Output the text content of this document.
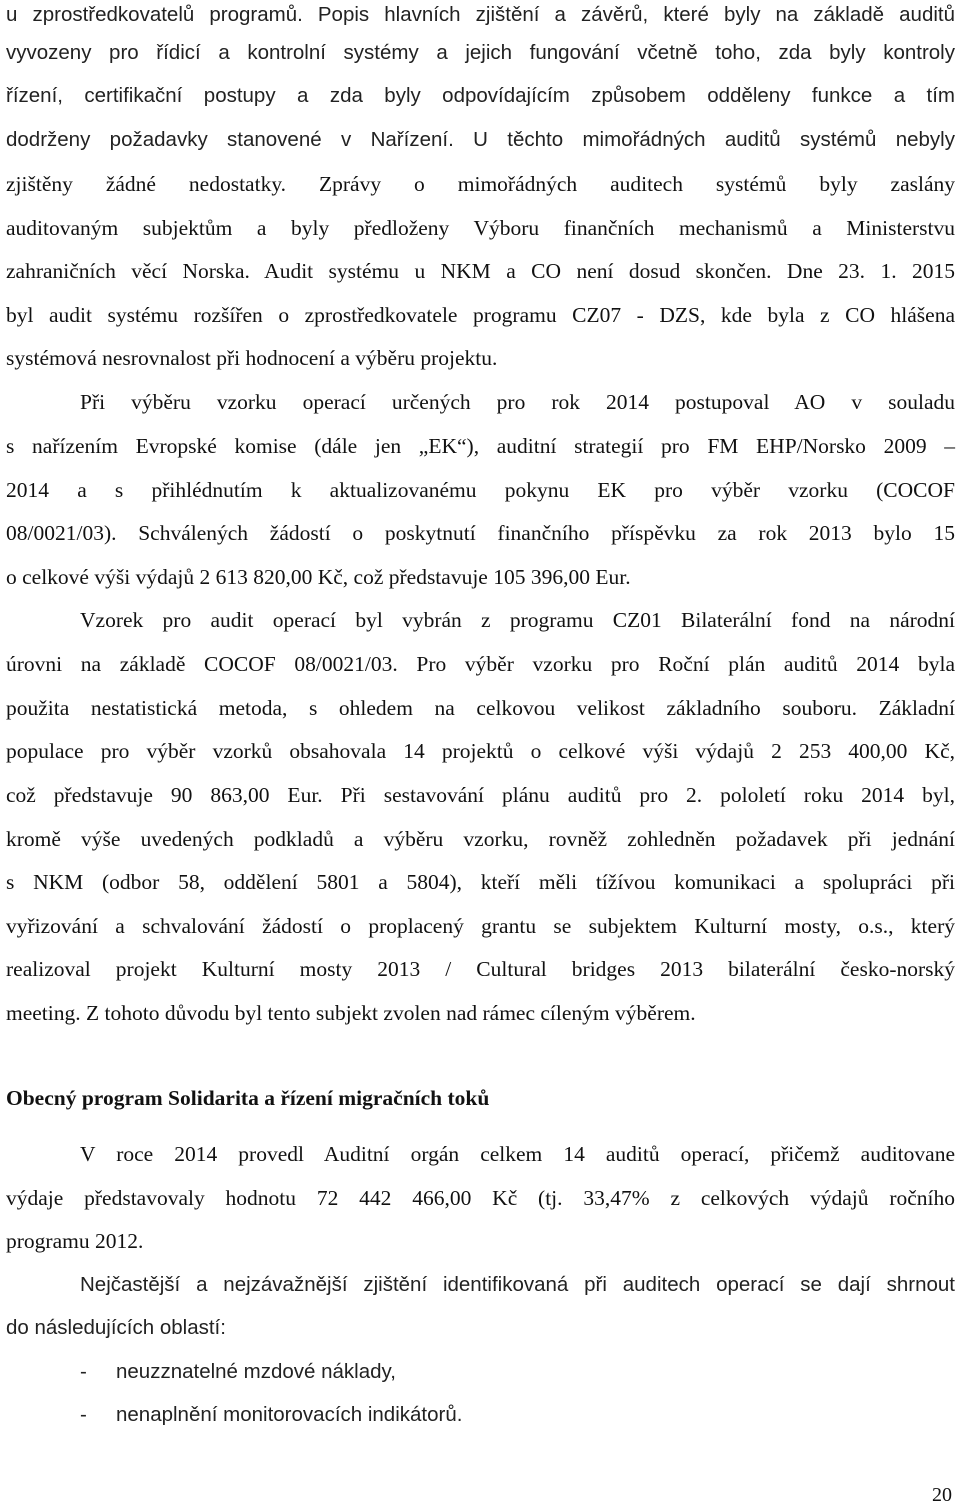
u zprostředkovatelů programů. Popis hlavních zjištění a závěrů, které byly na základě auditů
vyvozeny pro řídicí a kontrolní systémy a jejich fungování včetně toho, zda byly kontroly
řízení, certifikační postupy a zda byly odpovídajícím způsobem odděleny funkce a tím
dodrženy požadavky stanovené v Nařízení. U těchto mimořádných auditů systémů nebyly
zjištěny žádné nedostatky. Zprávy o mimořádných auditech systémů byly zaslány
auditovaným subjektům a byly předloženy Výboru finančních mechanismů a Ministerstvu
zahraničních věcí Norska. Audit systému u NKM a CO není dosud skončen. Dne 23. 1. 2015
byl audit systému rozšířen o zprostředkovatele programu CZ07 - DZS, kde byla z CO hlášena
systémová nesrovnalost při hodnocení a výběru projektu.
Při výběru vzorku operací určených pro rok 2014 postupoval AO v souladu
s nařízením Evropské komise (dále jen „EK“), auditní strategií pro FM EHP/Norsko 2009 –
2014 a s přihlédnutím k aktualizovanému pokynu EK pro výběr vzorku (COCOF
08/0021/03). Schválených žádostí o poskytnutí finančního příspěvku za rok 2013 bylo 15
o celkové výši výdajů 2 613 820,00 Kč, což představuje 105 396,00 Eur.
Vzorek pro audit operací byl vybrán z programu CZ01 Bilaterální fond na národní
úrovni na základě COCOF 08/0021/03. Pro výběr vzorku pro Roční plán auditů 2014 byla
použita nestatistická metoda, s ohledem na celkovou velikost základního souboru. Základní
populace pro výběr vzorků obsahovala 14 projektů o celkové výši výdajů 2 253 400,00 Kč,
což představuje 90 863,00 Eur. Při sestavování plánu auditů pro 2. pololetí roku 2014 byl,
kromě výše uvedených podkladů a výběru vzorku, rovněž zohledněn požadavek při jednání
s NKM (odbor 58, oddělení 5801 a 5804), kteří měli tížívou komunikaci a spolupráci při
vyřizování a schvalování žádostí o proplacený grantu se subjektem Kulturní mosty, o.s., který
realizoval projekt Kulturní mosty 2013 / Cultural bridges 2013 bilaterální česko-norský
meeting. Z tohoto důvodu byl tento subjekt zvolen nad rámec cíleným výběrem.
Obecný program Solidarita a řízení migračních toků
V roce 2014 provedl Auditní orgán celkem 14 auditů operací, přičemž auditovane
výdaje představovaly hodnotu 72 442 466,00 Kč (tj. 33,47% z celkových výdajů ročního
programu 2012.
Nejčastější a nejzávažnější zjištění identifikovaná při auditech operací se dají shrnout
do následujících oblastí:
- neuzznatelné mzdové náklady,
- nenaplnění monitorovacích indikátorů.
20
